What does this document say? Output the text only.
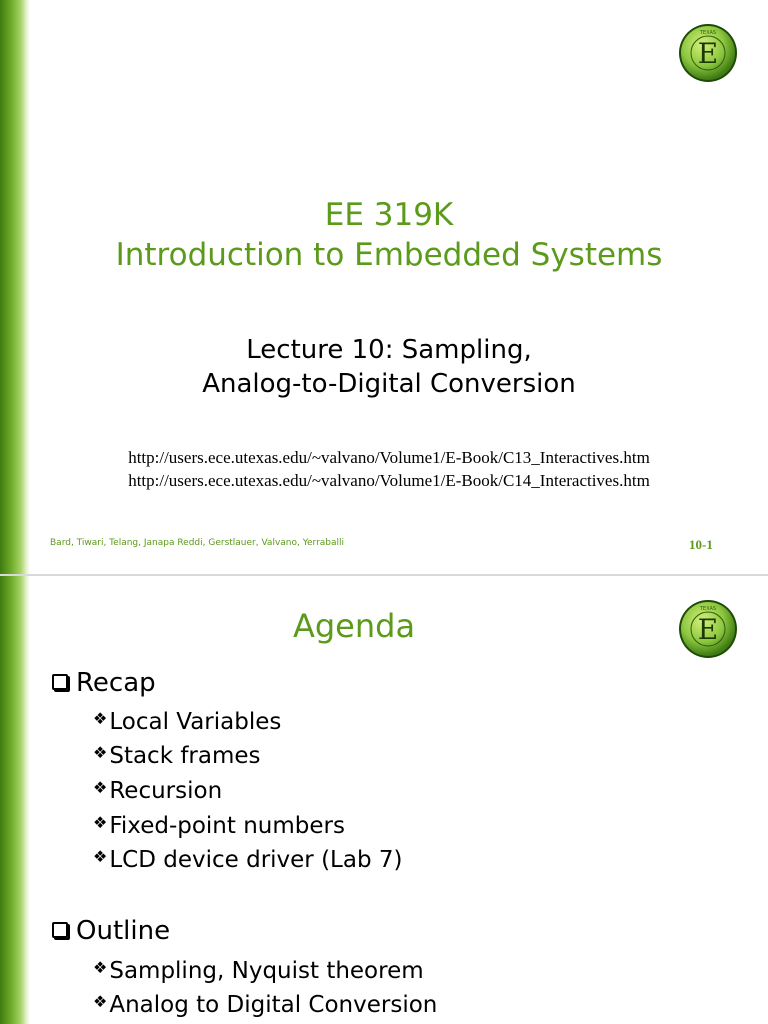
TEXAS
E
EE 319K
Introduction to Embedded Systems
Lecture 10: Sampling,
Analog-to-Digital Conversion
http://users.ece.utexas.edu/~valvano/Volume1/E-Book/C13_Interactives.htm
http://users.ece.utexas.edu/~valvano/Volume1/E-Book/C14_Interactives.htm
Bard, Tiwari, Telang, Janapa Reddi, Gerstlauer, Valvano, Yerraballi	10-1
TEXAS
E
Agenda
Recap
❖Local Variables
❖Stack frames
❖Recursion
❖Fixed-point numbers
❖LCD device driver (Lab 7)
Outline
❖Sampling, Nyquist theorem
❖Analog to Digital Conversion
